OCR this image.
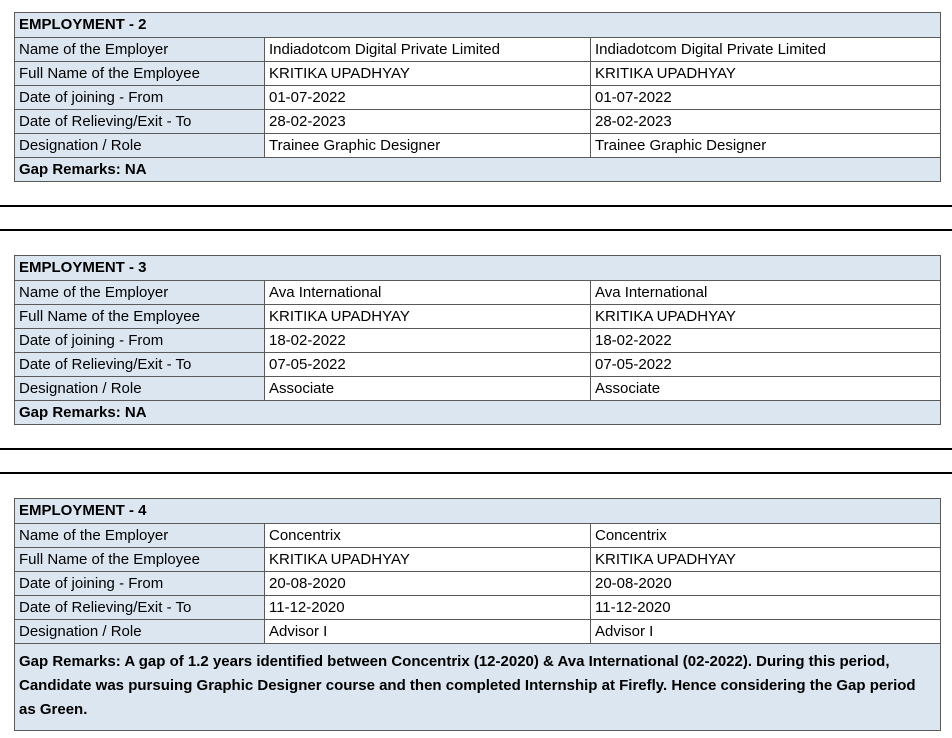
EMPLOYMENT - 2		
Name of the Employer	Indiadotcom Digital Private Limited	Indiadotcom Digital Private Limited
Full Name of the Employee	KRITIKA UPADHYAY	KRITIKA UPADHYAY
Date of joining - From	01-07-2022	01-07-2022
Date of Relieving/Exit - To	28-02-2023	28-02-2023
Designation / Role	Trainee Graphic Designer	Trainee Graphic Designer
Gap Remarks: NA		
EMPLOYMENT - 3		
Name of the Employer	Ava International	Ava International
Full Name of the Employee	KRITIKA UPADHYAY	KRITIKA UPADHYAY
Date of joining - From	18-02-2022	18-02-2022
Date of Relieving/Exit - To	07-05-2022	07-05-2022
Designation / Role	Associate	Associate
Gap Remarks: NA		
EMPLOYMENT - 4		
Name of the Employer	Concentrix	Concentrix
Full Name of the Employee	KRITIKA UPADHYAY	KRITIKA UPADHYAY
Date of joining - From	20-08-2020	20-08-2020
Date of Relieving/Exit - To	11-12-2020	11-12-2020
Designation / Role	Advisor I	Advisor I
Gap Remarks: A gap of 1.2 years identified between Concentrix (12-2020) & Ava International (02-2022). During this period, Candidate was pursuing Graphic Designer course and then completed Internship at Firefly. Hence considering the Gap period as Green.		
